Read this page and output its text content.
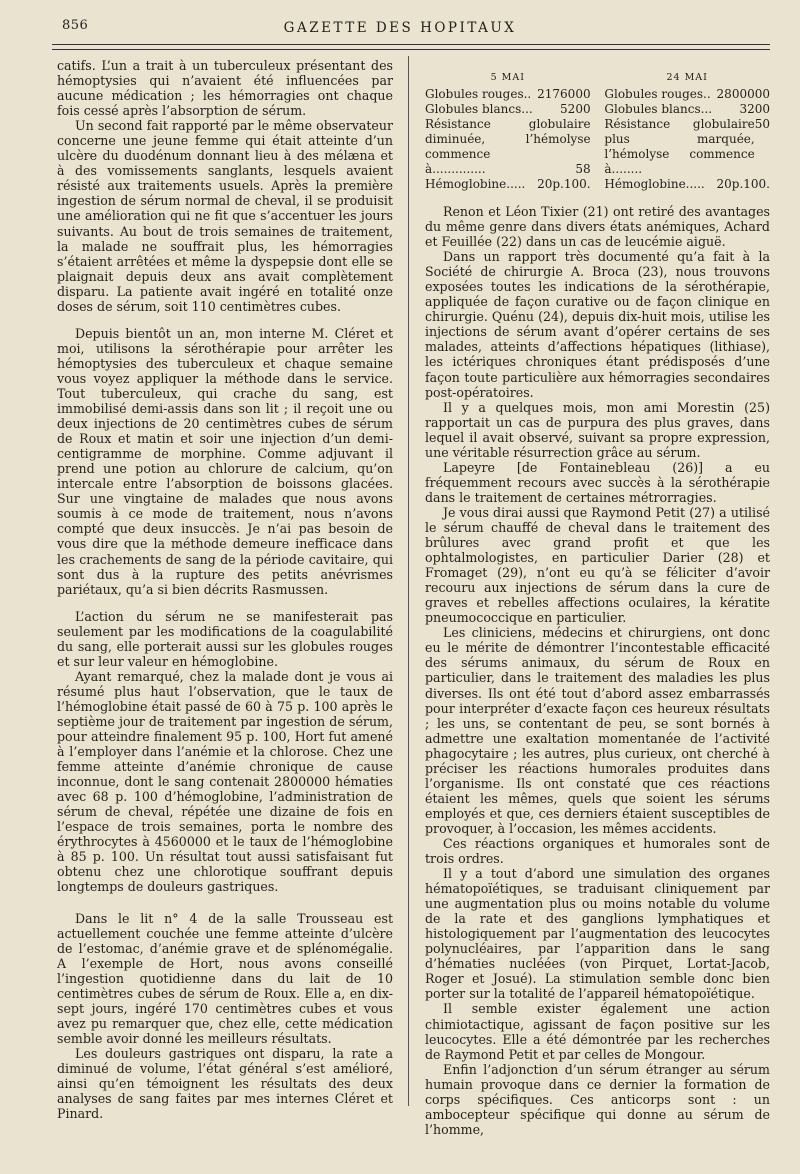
856	GAZETTE DES HOPITAUX

catifs. L’un a trait à un tuberculeux présentant des hémoptysies qui n’avaient été influencées par aucune médication ; les hémorragies ont chaque fois cessé après l’absorption de sérum.

Un second fait rapporté par le même observateur concerne une jeune femme qui était atteinte d’un ulcère du duodénum donnant lieu à des mélæna et à des vomissements sanglants, lesquels avaient résisté aux traitements usuels. Après la première ingestion de sérum normal de cheval, il se produisit une amélioration qui ne fit que s’accentuer les jours suivants. Au bout de trois semaines de traitement, la malade ne souffrait plus, les hémorragies s’étaient arrêtées et même la dyspepsie dont elle se plaignait depuis deux ans avait complètement disparu. La patiente avait ingéré en totalité onze doses de sérum, soit 110 centimètres cubes.

Depuis bientôt un an, mon interne M. Cléret et moi, utilisons la sérothérapie pour arrêter les hémoptysies des tuberculeux et chaque semaine vous voyez appliquer la méthode dans le service. Tout tuberculeux, qui crache du sang, est immobilisé demi-assis dans son lit ; il reçoit une ou deux injections de 20 centimètres cubes de sérum de Roux et matin et soir une injection d’un demi-centigramme de morphine. Comme adjuvant il prend une potion au chlorure de calcium, qu’on intercale entre l’absorption de boissons glacées. Sur une vingtaine de malades que nous avons soumis à ce mode de traitement, nous n’avons compté que deux insuccès. Je n’ai pas besoin de vous dire que la méthode demeure inefficace dans les crachements de sang de la période cavitaire, qui sont dus à la rupture des petits anévrismes pariétaux, qu’a si bien décrits Rasmussen.

L’action du sérum ne se manifesterait pas seulement par les modifications de la coagulabilité du sang, elle porterait aussi sur les globules rouges et sur leur valeur en hémoglobine.

Ayant remarqué, chez la malade dont je vous ai résumé plus haut l’observation, que le taux de l’hémoglobine était passé de 60 à 75 p. 100 après le septième jour de traitement par ingestion de sérum, pour atteindre finalement 95 p. 100, Hort fut amené à l’employer dans l’anémie et la chlorose. Chez une femme atteinte d’anémie chronique de cause inconnue, dont le sang contenait 2800000 hématies avec 68 p. 100 d’hémoglobine, l’administration de sérum de cheval, répétée une dizaine de fois en l’espace de trois semaines, porta le nombre des érythrocytes à 4560000 et le taux de l’hémoglobine à 85 p. 100. Un résultat tout aussi satisfaisant fut obtenu chez une chlorotique souffrant depuis longtemps de douleurs gastriques.

Dans le lit n° 4 de la salle Trousseau est actuellement couchée une femme atteinte d’ulcère de l’estomac, d’anémie grave et de splénomégalie. A l’exemple de Hort, nous avons conseillé l’ingestion quotidienne dans du lait de 10 centimètres cubes de sérum de Roux. Elle a, en dix-sept jours, ingéré 170 centimètres cubes et vous avez pu remarquer que, chez elle, cette médication semble avoir donné les meilleurs résultats.

Les douleurs gastriques ont disparu, la rate a diminué de volume, l’état général s’est amélioré, ainsi qu’en témoignent les résultats des deux analyses de sang faites par mes internes Cléret et Pinard.

5 MAI
Globules rouges.. 2176000
Globules blancs... 5200
Résistance globulaire diminuée, l’hémolyse commence
à..............	58
Hémoglobine..... 20p.100.
24 MAI
Globules rouges.. 2800000
Globules blancs... 3200
Résistance globulaire plus marquée, l’hémolyse commence à........
50
Hémoglobine..... 20p.100.

Renon et Léon Tixier (21) ont retiré des avantages du même genre dans divers états anémiques, Achard et Feuillée (22) dans un cas de leucémie aiguë.

Dans un rapport très documenté qu’a fait à la Société de chirurgie A. Broca (23), nous trouvons exposées toutes les indications de la sérothérapie, appliquée de façon curative ou de façon clinique en chirurgie. Quénu (24), depuis dix-huit mois, utilise les injections de sérum avant d’opérer certains de ses malades, atteints d’affections hépatiques (lithiase), les ictériques chroniques étant prédisposés d’une façon toute particulière aux hémorragies secondaires post-opératoires.

Il y a quelques mois, mon ami Morestin (25) rapportait un cas de purpura des plus graves, dans lequel il avait observé, suivant sa propre expression, une véritable résurrection grâce au sérum.

Lapeyre [de Fontainebleau (26)] a eu fréquemment recours avec succès à la sérothérapie dans le traitement de certaines métrorragies.

Je vous dirai aussi que Raymond Petit (27) a utilisé le sérum chauffé de cheval dans le traitement des brûlures avec grand profit et que les ophtalmologistes, en particulier Darier (28) et Fromaget (29), n’ont eu qu’à se féliciter d’avoir recouru aux injections de sérum dans la cure de graves et rebelles affections oculaires, la kératite pneumococcique en particulier.

Les cliniciens, médecins et chirurgiens, ont donc eu le mérite de démontrer l’incontestable efficacité des sérums animaux, du sérum de Roux en particulier, dans le traitement des maladies les plus diverses. Ils ont été tout d’abord assez embarrassés pour interpréter d’exacte façon ces heureux résultats ; les uns, se contentant de peu, se sont bornés à admettre une exaltation momentanée de l’activité phagocytaire ; les autres, plus curieux, ont cherché à préciser les réactions humorales produites dans l’organisme. Ils ont constaté que ces réactions étaient les mêmes, quels que soient les sérums employés et que, ces derniers étaient susceptibles de provoquer, à l’occasion, les mêmes accidents.

Ces réactions organiques et humorales sont de trois ordres.

Il y a tout d’abord une simulation des organes hématopoïétiques, se traduisant cliniquement par une augmentation plus ou moins notable du volume de la rate et des ganglions lymphatiques et histologiquement par l’augmentation des leucocytes polynucléaires, par l’apparition dans le sang d’hématies nucléées (von Pirquet, Lortat-Jacob, Roger et Josué). La stimulation semble donc bien porter sur la totalité de l’appareil hématopoïétique.

Il semble exister également une action chimiotactique, agissant de façon positive sur les leucocytes. Elle a été démontrée par les recherches de Raymond Petit et par celles de Mongour.

Enfin l’adjonction d’un sérum étranger au sérum humain provoque dans ce dernier la formation de corps spécifiques. Ces anticorps sont : un ambocepteur spécifique qui donne au sérum de l’homme,
